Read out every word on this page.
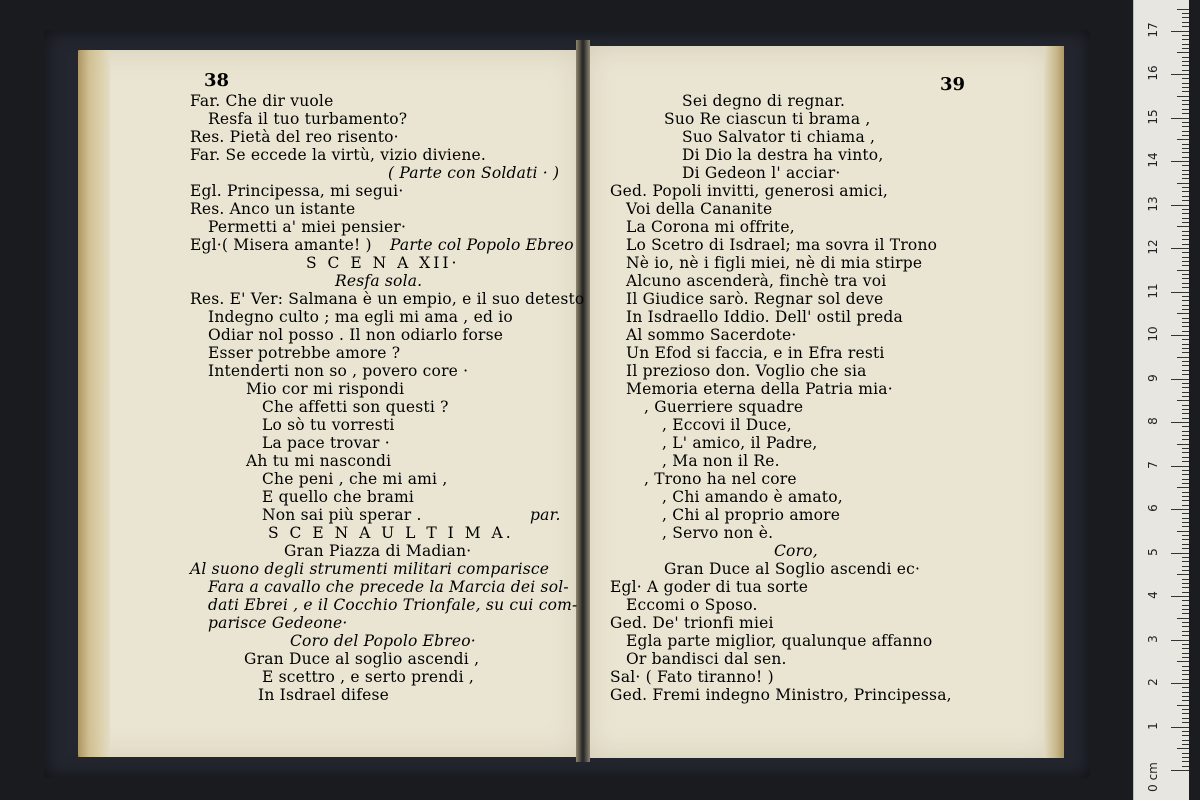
38	39
0 cm
1
2
3
4
5
6
7
8
9
10
11
12
13
14
15
16
17
Far. Che dir vuole
Resfa il tuo turbamento?
Res. Pietà del reo risento·
Far. Se eccede la virtù, vizio diviene.
( Parte con Soldati · )
Egl. Principessa, mi segui·
Res. Anco un istante
Permetti a' miei pensier·
Egl·( Misera amante! ) Parte col Popolo Ebreo
S C E N A XII·
Resfa sola.
Res. E' Ver: Salmana è un empio, e il suo detesto
Indegno culto ; ma egli mi ama , ed io
Odiar nol posso . Il non odiarlo forse
Esser potrebbe amore ?
Intenderti non so , povero core ·
Mio cor mi rispondi
Che affetti son questi ?
Lo sò tu vorresti
La pace trovar ·
Ah tu mi nascondi
Che peni , che mi ami ,
E quello che brami
Non sai più sperar .	par.
S C E N A U L T I M A.
Gran Piazza di Madian·
Al suono degli strumenti militari comparisce
Fara a cavallo che precede la Marcia dei sol-
dati Ebrei , e il Cocchio Trionfale, su cui com-
parisce Gedeone·
Coro del Popolo Ebreo·
Gran Duce al soglio ascendi ,
E scettro , e serto prendi ,
In Isdrael difese
Sei degno di regnar.
Suo Re ciascun ti brama ,
Suo Salvator ti chiama ,
Di Dio la destra ha vinto,
Di Gedeon l' acciar·
Ged. Popoli invitti, generosi amici,
Voi della Cananite
La Corona mi offrite,
Lo Scetro di Isdrael; ma sovra il Trono
Nè io, nè i figli miei, nè di mia stirpe
Alcuno ascenderà, finchè tra voi
Il Giudice sarò. Regnar sol deve
In Isdraello Iddio. Dell' ostil preda
Al sommo Sacerdote·
Un Efod si faccia, e in Efra resti
Il prezioso don. Voglio che sia
Memoria eterna della Patria mia·
, Guerriere squadre
, Eccovi il Duce,
, L' amico, il Padre,
, Ma non il Re.
, Trono ha nel core
, Chi amando è amato,
, Chi al proprio amore
, Servo non è.
Coro,
Gran Duce al Soglio ascendi ec·
Egl· A goder di tua sorte
Eccomi o Sposo.
Ged. De' trionfi miei
Egla parte miglior, qualunque affanno
Or bandisci dal sen.
Sal· ( Fato tiranno! )
Ged. Fremi indegno Ministro, Principessa,
